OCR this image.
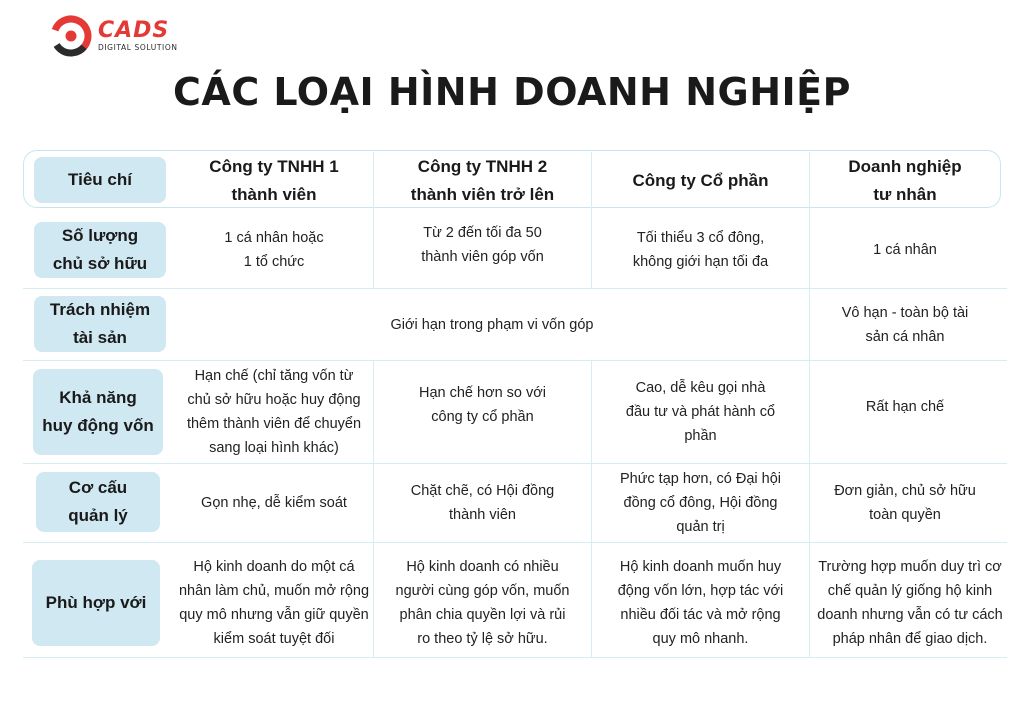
CADS
DIGITAL SOLUTION
CÁC LOẠI HÌNH DOANH NGHIỆP
Tiêu chí
Công ty TNHH 1
thành viên
Công ty TNHH 2
thành viên trở lên
Công ty Cổ phần
Doanh nghiệp
tư nhân
Số lượng
chủ sở hữu
1 cá nhân hoặc
1 tổ chức
Từ 2 đến tối đa 50
thành viên góp vốn
Tối thiểu 3 cổ đông,
không giới hạn tối đa
1 cá nhân
Trách nhiệm
tài sản
Giới hạn trong phạm vi vốn góp
Vô hạn - toàn bộ tài
sản cá nhân
Khả năng
huy động vốn
Hạn chế (chỉ tăng vốn từ
chủ sở hữu hoặc huy động
thêm thành viên để chuyển
sang loại hình khác)
Hạn chế hơn so với
công ty cổ phần
Cao, dễ kêu gọi nhà
đầu tư và phát hành cổ
phần
Rất hạn chế
Cơ cấu
quản lý
Gọn nhẹ, dễ kiểm soát
Chặt chẽ, có Hội đồng
thành viên
Phức tạp hơn, có Đại hội
đồng cổ đông, Hội đồng
quản trị
Đơn giản, chủ sở hữu
toàn quyền
Phù hợp với
Hộ kinh doanh do một cá
nhân làm chủ, muốn mở rộng
quy mô nhưng vẫn giữ quyền
kiểm soát tuyệt đối
Hộ kinh doanh có nhiều
người cùng góp vốn, muốn
phân chia quyền lợi và rủi
ro theo tỷ lệ sở hữu.
Hộ kinh doanh muốn huy
động vốn lớn, hợp tác với
nhiều đối tác và mở rộng
quy mô nhanh.
Trường hợp muốn duy trì cơ
chế quản lý giống hộ kinh
doanh nhưng vẫn có tư cách
pháp nhân để giao dịch.
